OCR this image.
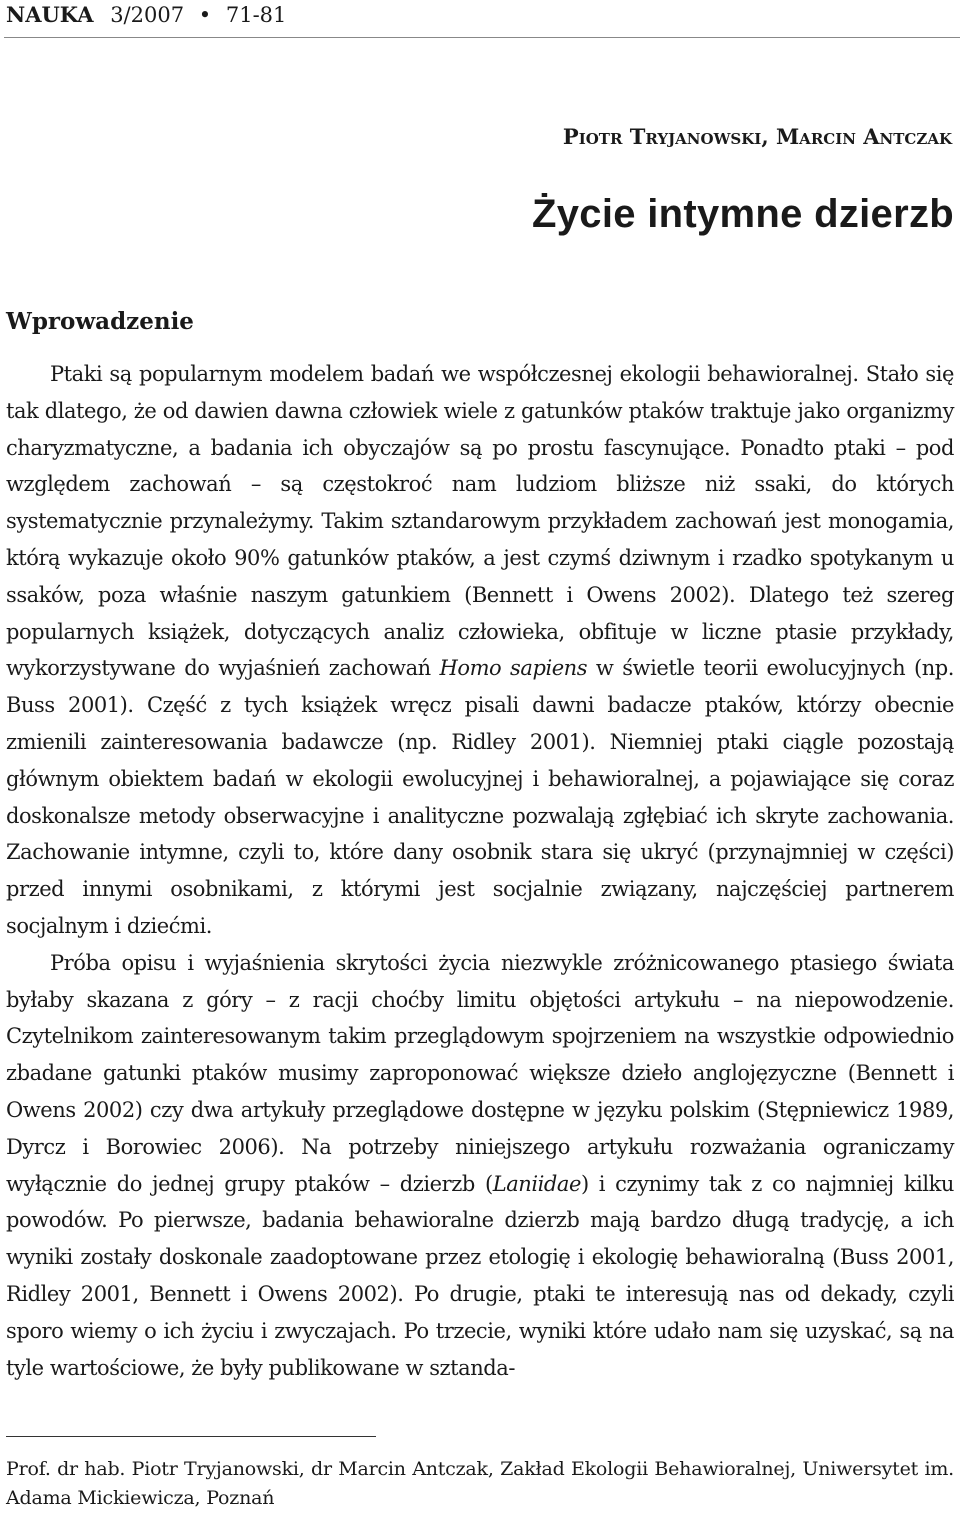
NAUKA 3/2007 • 71-81
Piotr Tryjanowski, Marcin Antczak
Życie intymne dzierzb
Wprowadzenie

Ptaki są popularnym modelem badań we współczesnej ekologii behawioralnej. Stało się tak dlatego, że od dawien dawna człowiek wiele z gatunków ptaków traktuje jako organizmy charyzmatyczne, a badania ich obyczajów są po prostu fascynujące. Ponadto ptaki – pod względem zachowań – są częstokroć nam ludziom bliższe niż ssaki, do których systematycznie przynależymy. Takim sztandarowym przykładem zachowań jest monogamia, którą wykazuje około 90% gatunków ptaków, a jest czymś dziwnym i rzadko spotykanym u ssaków, poza właśnie naszym gatunkiem (Bennett i Owens 2002). Dlatego też szereg popularnych książek, dotyczących analiz człowieka, obfituje w liczne ptasie przykłady, wykorzystywane do wyjaśnień zachowań Homo sapiens w świetle teorii ewolucyjnych (np. Buss 2001). Część z tych książek wręcz pisali dawni badacze ptaków, którzy obecnie zmienili zainteresowania badawcze (np. Ridley 2001). Niemniej ptaki ciągle pozostają głównym obiektem badań w ekologii ewolucyjnej i behawioralnej, a pojawiające się coraz doskonalsze metody obserwacyjne i analityczne pozwalają zgłębiać ich skryte zachowania. Zachowanie intymne, czyli to, które dany osobnik stara się ukryć (przynajmniej w części) przed innymi osobnikami, z którymi jest socjalnie związany, najczęściej partnerem socjalnym i dziećmi.

Próba opisu i wyjaśnienia skrytości życia niezwykle zróżnicowanego ptasiego świata byłaby skazana z góry – z racji choćby limitu objętości artykułu – na niepowodzenie. Czytelnikom zainteresowanym takim przeglądowym spojrzeniem na wszystkie odpowiednio zbadane gatunki ptaków musimy zaproponować większe dzieło anglojęzyczne (Bennett i Owens 2002) czy dwa artykuły przeglądowe dostępne w języku polskim (Stępniewicz 1989, Dyrcz i Borowiec 2006). Na potrzeby niniejszego artykułu rozważania ograniczamy wyłącznie do jednej grupy ptaków – dzierzb (Laniidae) i czynimy tak z co najmniej kilku powodów. Po pierwsze, badania behawioralne dzierzb mają bardzo długą tradycję, a ich wyniki zostały doskonale zaadoptowane przez etologię i ekologię behawioralną (Buss 2001, Ridley 2001, Bennett i Owens 2002). Po drugie, ptaki te interesują nas od dekady, czyli sporo wiemy o ich życiu i zwyczajach. Po trzecie, wyniki które udało nam się uzyskać, są na tyle wartościowe, że były publikowane w sztanda-

Prof. dr hab. Piotr Tryjanowski, dr Marcin Antczak, Zakład Ekologii Behawioralnej, Uniwersytet im. Adama Mickiewicza, Poznań
